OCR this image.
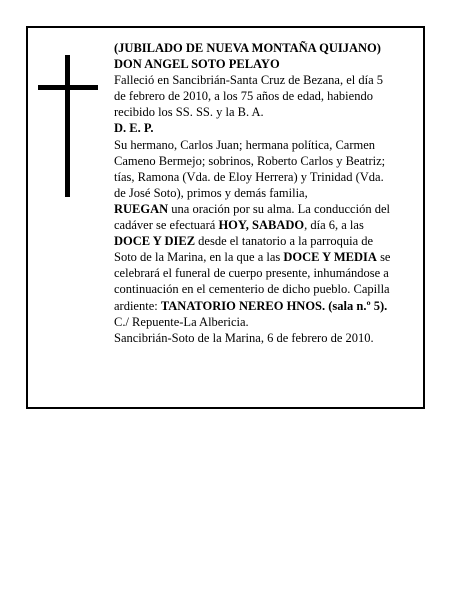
(JUBILADO DE NUEVA MONTAÑA QUIJANO)
DON ANGEL SOTO PELAYO
Falleció en Sancibrián-Santa Cruz de Bezana, el día 5
de febrero de 2010, a los 75 años de edad, habiendo
recibido los SS. SS. y la B. A.
D. E. P.
Su hermano, Carlos Juan; hermana política, Carmen
Cameno Bermejo; sobrinos, Roberto Carlos y Beatriz;
tías, Ramona (Vda. de Eloy Herrera) y Trinidad (Vda.
de José Soto), primos y demás familia,
RUEGAN una oración por su alma. La conducción del
cadáver se efectuará HOY, SABADO, día 6, a las
DOCE Y DIEZ desde el tanatorio a la parroquia de
Soto de la Marina, en la que a las DOCE Y MEDIA se
celebrará el funeral de cuerpo presente, inhumándose a
continuación en el cementerio de dicho pueblo. Capilla
ardiente: TANATORIO NEREO HNOS. (sala n.º 5).
C./ Repuente-La Albericia.
Sancibrián-Soto de la Marina, 6 de febrero de 2010.
